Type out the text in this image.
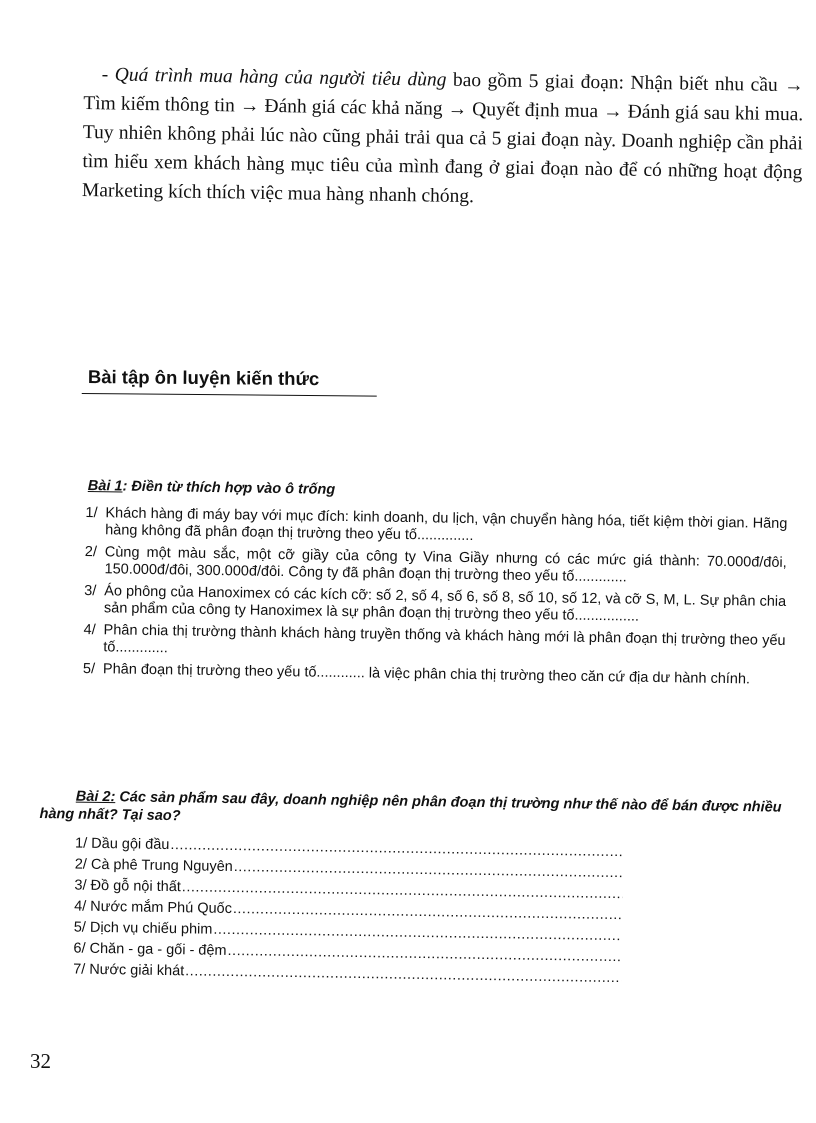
- Quá trình mua hàng của người tiêu dùng bao gồm 5 giai đoạn: Nhận biết nhu cầu → Tìm kiếm thông tin → Đánh giá các khả năng → Quyết định mua → Đánh giá sau khi mua. Tuy nhiên không phải lúc nào cũng phải trải qua cả 5 giai đoạn này. Doanh nghiệp cần phải tìm hiểu xem khách hàng mục tiêu của mình đang ở giai đoạn nào để có những hoạt động Marketing kích thích việc mua hàng nhanh chóng.

Bài tập ôn luyện kiến thức
Bài 1: Điền từ thích hợp vào ô trống
1/ Khách hàng đi máy bay với mục đích: kinh doanh, du lịch, vận chuyển hàng hóa, tiết kiệm thời gian. Hãng hàng không đã phân đoạn thị trường theo yếu tố..............
2/ Cùng một màu sắc, một cỡ giầy của công ty Vina Giầy nhưng có các mức giá thành: 70.000đ/đôi, 150.000đ/đôi, 300.000đ/đôi. Công ty đã phân đoạn thị trường theo yếu tố.............
3/ Áo phông của Hanoximex có các kích cỡ: số 2, số 4, số 6, số 8, số 10, số 12, và cỡ S, M, L. Sự phân chia sản phẩm của công ty Hanoximex là sự phân đoạn thị trường theo yếu tố................
4/ Phân chia thị trường thành khách hàng truyền thống và khách hàng mới là phân đoạn thị trường theo yếu tố.............
5/ Phân đoạn thị trường theo yếu tố............ là việc phân chia thị trường theo căn cứ địa dư hành chính.
Bài 2: Các sản phẩm sau đây, doanh nghiệp nên phân đoạn thị trường như thế nào để bán được nhiều hàng nhất? Tại sao?
1/ Dầu gội đầu
.....
2/ Cà phê Trung Nguyên
.....
3/ Đồ gỗ nội thất
.....
4/ Nước mắm Phú Quốc
.....
5/ Dịch vụ chiếu phim
.....
6/ Chăn - ga - gối - đệm
.....
7/ Nước giải khát
.....
32
